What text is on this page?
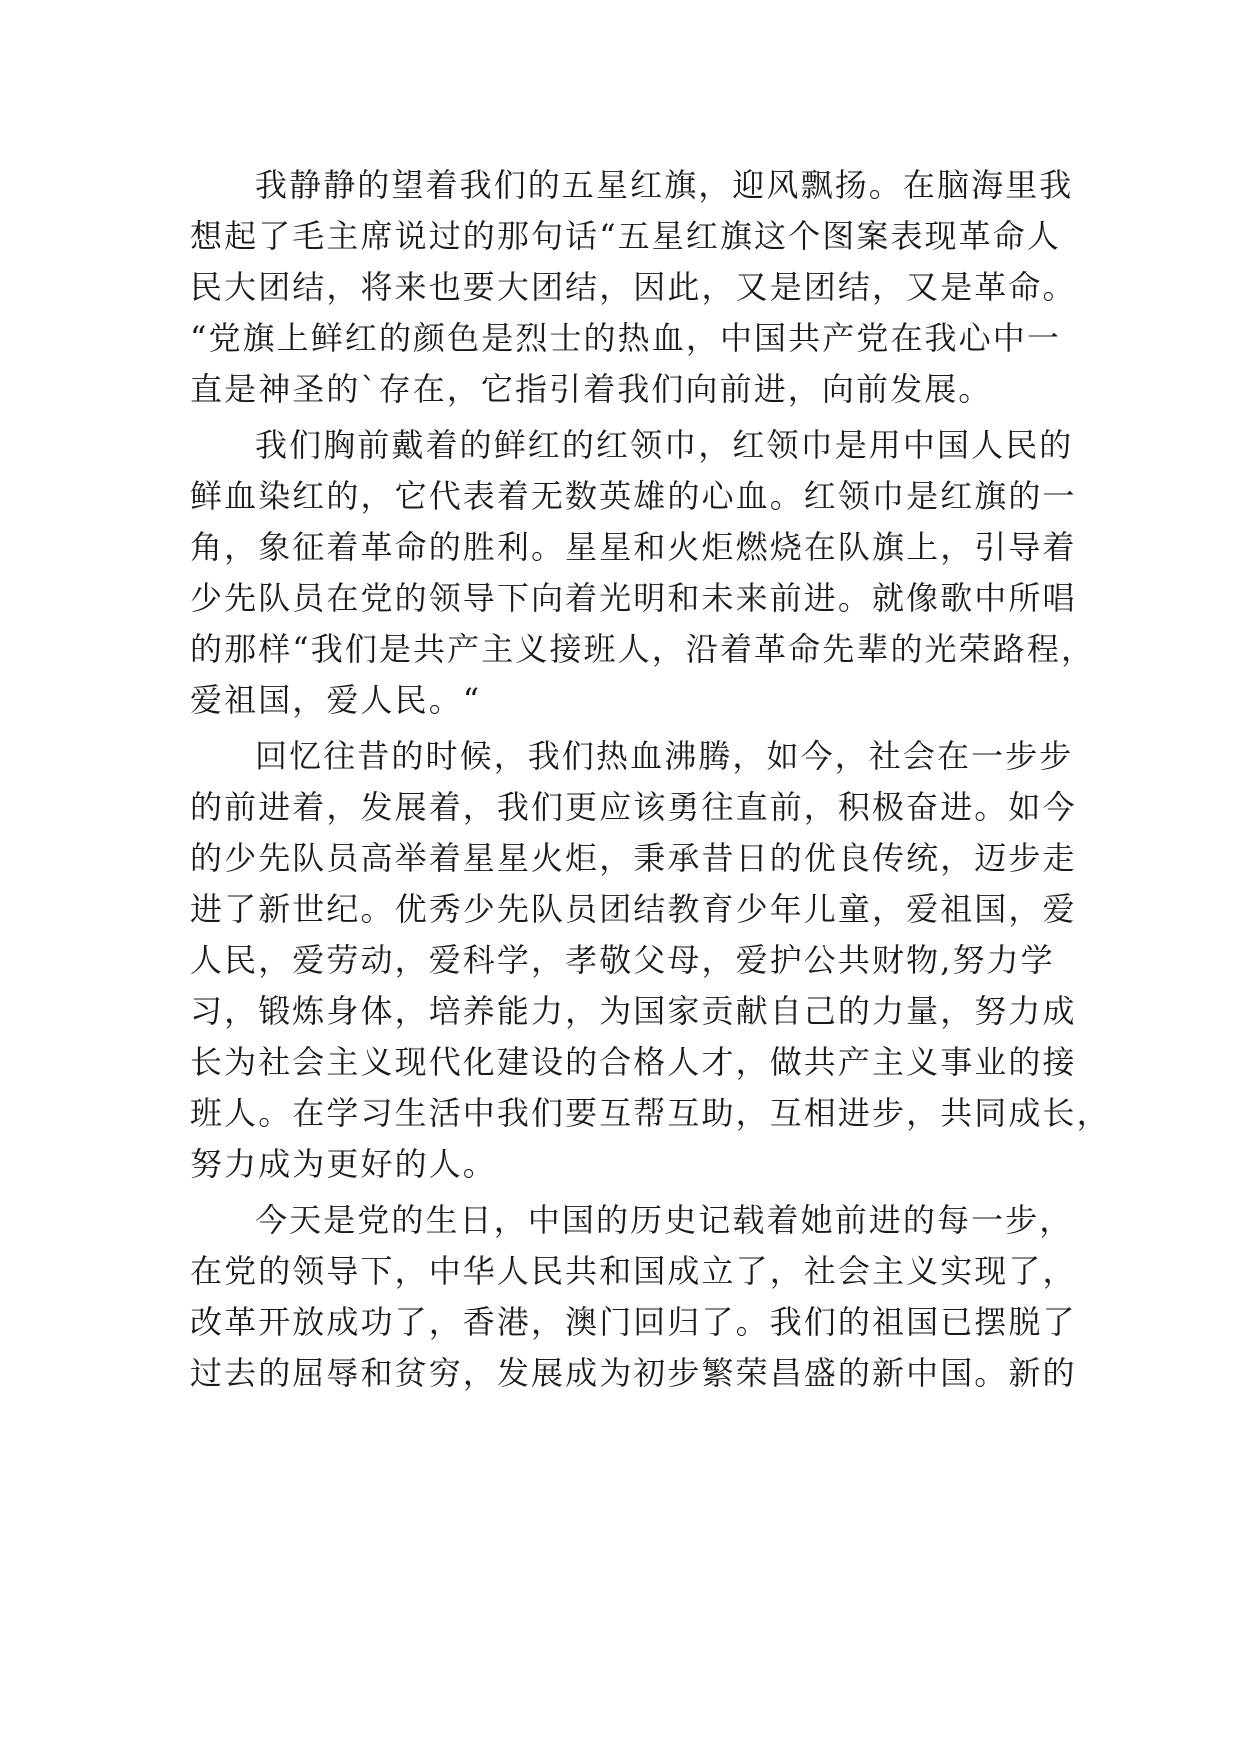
我静静的望着我们的五星红旗，迎风飘扬。在脑海里我
想起了毛主席说过的那句话“五星红旗这个图案表现革命人
民大团结，将来也要大团结，因此，又是团结，又是革命。
“党旗上鲜红的颜色是烈士的热血，中国共产党在我心中一
直是神圣的`存在，它指引着我们向前进，向前发展。
我们胸前戴着的鲜红的红领巾，红领巾是用中国人民的
鲜血染红的，它代表着无数英雄的心血。红领巾是红旗的一
角，象征着革命的胜利。星星和火炬燃烧在队旗上，引导着
少先队员在党的领导下向着光明和未来前进。就像歌中所唱
的那样“我们是共产主义接班人，沿着革命先辈的光荣路程，
爱祖国，爱人民。“
回忆往昔的时候，我们热血沸腾，如今，社会在一步步
的前进着，发展着，我们更应该勇往直前，积极奋进。如今
的少先队员高举着星星火炬，秉承昔日的优良传统，迈步走
进了新世纪。优秀少先队员团结教育少年儿童，爱祖国，爱
人民，爱劳动，爱科学，孝敬父母，爱护公共财物,努力学
习，锻炼身体，培养能力，为国家贡献自己的力量，努力成
长为社会主义现代化建设的合格人才，做共产主义事业的接
班人。在学习生活中我们要互帮互助，互相进步，共同成长，
努力成为更好的人。
今天是党的生日，中国的历史记载着她前进的每一步，
在党的领导下，中华人民共和国成立了，社会主义实现了，
改革开放成功了，香港，澳门回归了。我们的祖国已摆脱了
过去的屈辱和贫穷，发展成为初步繁荣昌盛的新中国。新的
